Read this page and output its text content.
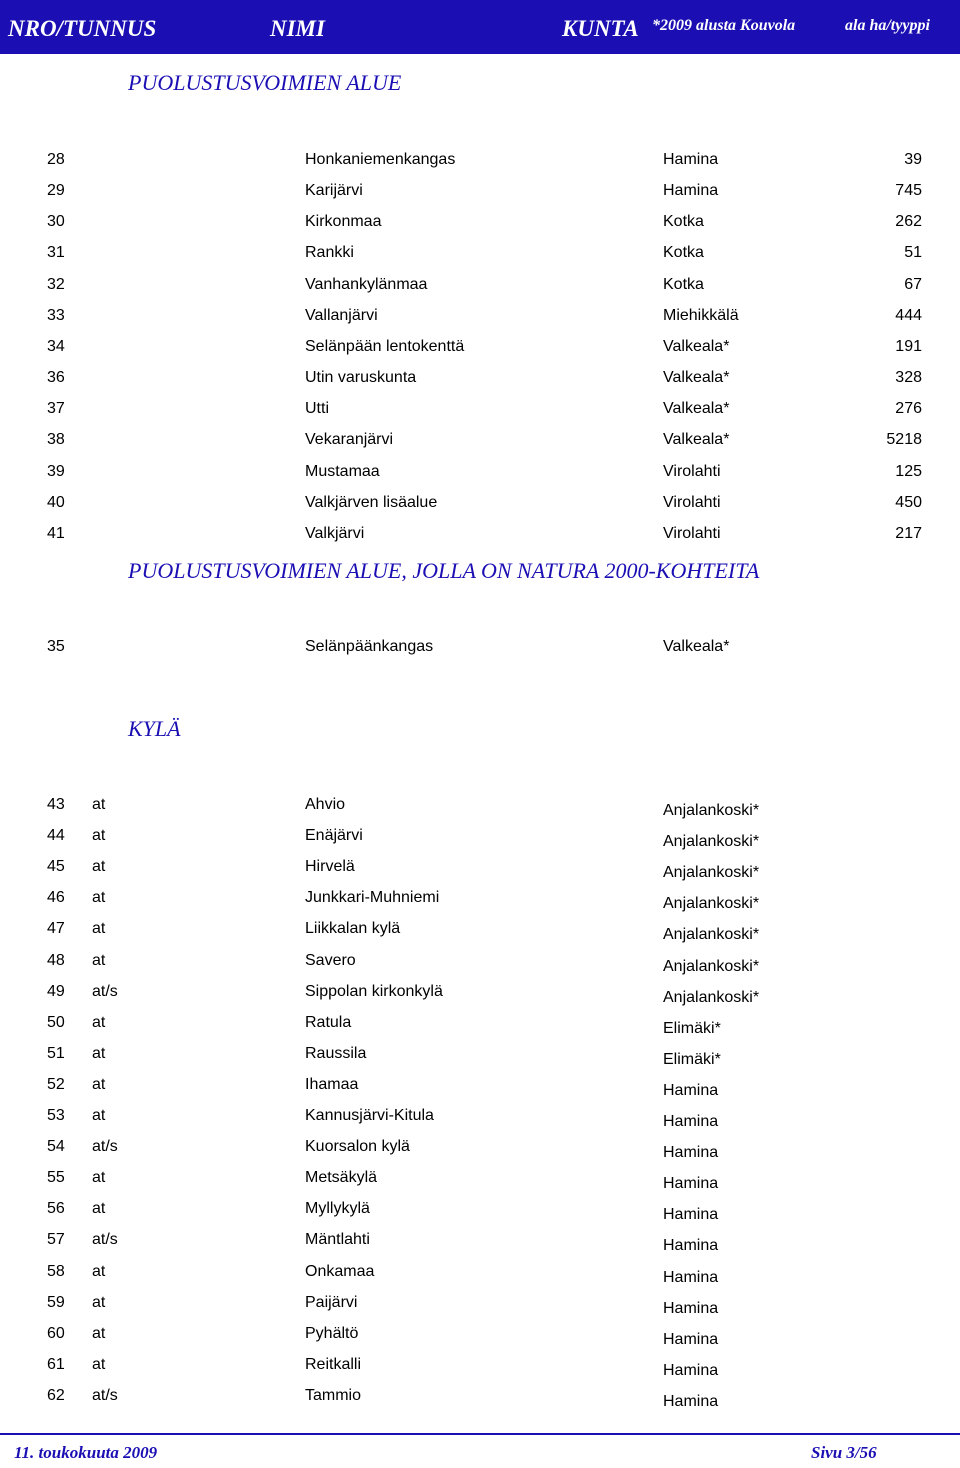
NRO/TUNNUS	NIMI	KUNTA *2009 alusta Kouvola	ala ha/tyyppi
PUOLUSTUSVOIMIEN ALUE
28	Honkaniemenkangas	Hamina	39
29	Karijärvi	Hamina	745
30	Kirkonmaa	Kotka	262
31	Rankki	Kotka	51
32	Vanhankylänmaa	Kotka	67
33	Vallanjärvi	Miehikkälä	444
34	Selänpään lentokenttä	Valkeala*	191
36	Utin varuskunta	Valkeala*	328
37	Utti	Valkeala*	276
38	Vekaranjärvi	Valkeala*	5218
39	Mustamaa	Virolahti	125
40	Valkjärven lisäalue	Virolahti	450
41	Valkjärvi	Virolahti	217
PUOLUSTUSVOIMIEN ALUE, JOLLA ON NATURA 2000-KOHTEITA
35	Selänpäänkangas	Valkeala*
KYLÄ
43 at	Ahvio	Anjalankoski*
44 at	Enäjärvi	Anjalankoski*
45 at	Hirvelä	Anjalankoski*
46 at	Junkkari-Muhniemi	Anjalankoski*
47 at	Liikkalan kylä	Anjalankoski*
48 at	Savero	Anjalankoski*
49 at/s	Sippolan kirkonkylä	Anjalankoski*
50 at	Ratula	Elimäki*
51 at	Raussila	Elimäki*
52 at	Ihamaa	Hamina
53 at	Kannusjärvi-Kitula	Hamina
54 at/s	Kuorsalon kylä	Hamina
55 at	Metsäkylä	Hamina
56 at	Myllykylä	Hamina
57 at/s	Mäntlahti	Hamina
58 at	Onkamaa	Hamina
59 at	Paijärvi	Hamina
60 at	Pyhältö	Hamina
61 at	Reitkalli	Hamina
62 at/s	Tammio	Hamina
11. toukokuuta 2009	Sivu 3/56
